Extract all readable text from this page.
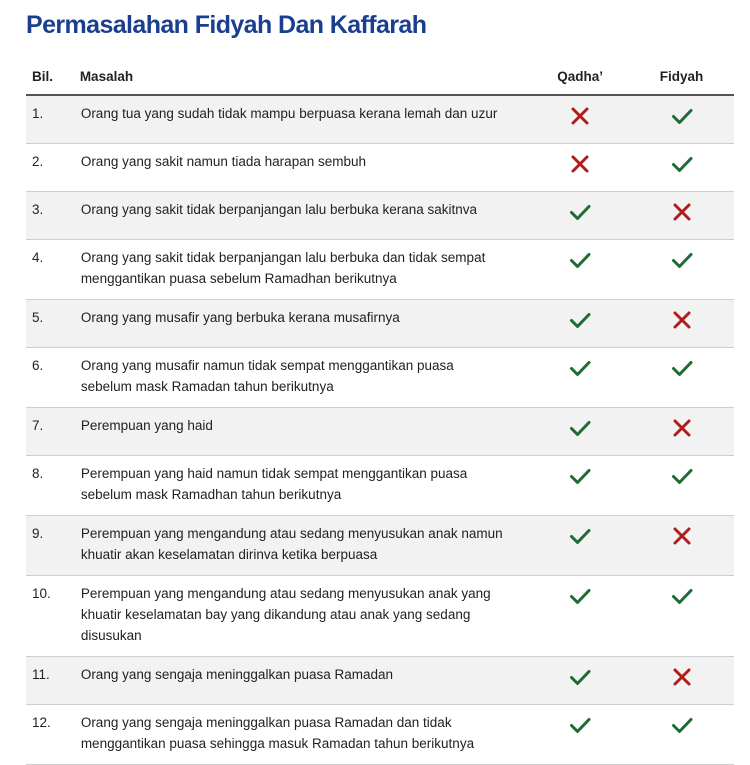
Permasalahan Fidyah Dan Kaffarah
Bil.	Masalah	Qadha’	Fidyah
1.	Orang tua yang sudah tidak mampu berpuasa kerana lemah dan uzur	

2.	Orang yang sakit namun tiada harapan sembuh	

3.	Orang yang sakit tidak berpanjangan lalu berbuka kerana sakitnva	

4.	Orang yang sakit tidak berpanjangan lalu berbuka dan tidak sempat menggantikan puasa sebelum Ramadhan berikutnya	

5.	Orang yang musafir yang berbuka kerana musafirnya	

6.	Orang yang musafir namun tidak sempat menggantikan puasa sebelum mask Ramadan tahun berikutnya	

7.	Perempuan yang haid	

8.	Perempuan yang haid namun tidak sempat menggantikan puasa sebelum mask Ramadhan tahun berikutnya	

9.	Perempuan yang mengandung atau sedang menyusukan anak namun khuatir akan keselamatan dirinva ketika berpuasa	

10.	Perempuan yang mengandung atau sedang menyusukan anak yang khuatir keselamatan bay yang dikandung atau anak yang sedang disusukan	

11.	Orang yang sengaja meninggalkan puasa Ramadan	

12.	Orang yang sengaja meninggalkan puasa Ramadan dan tidak menggantikan puasa sehingga masuk Ramadan tahun berikutnya	
